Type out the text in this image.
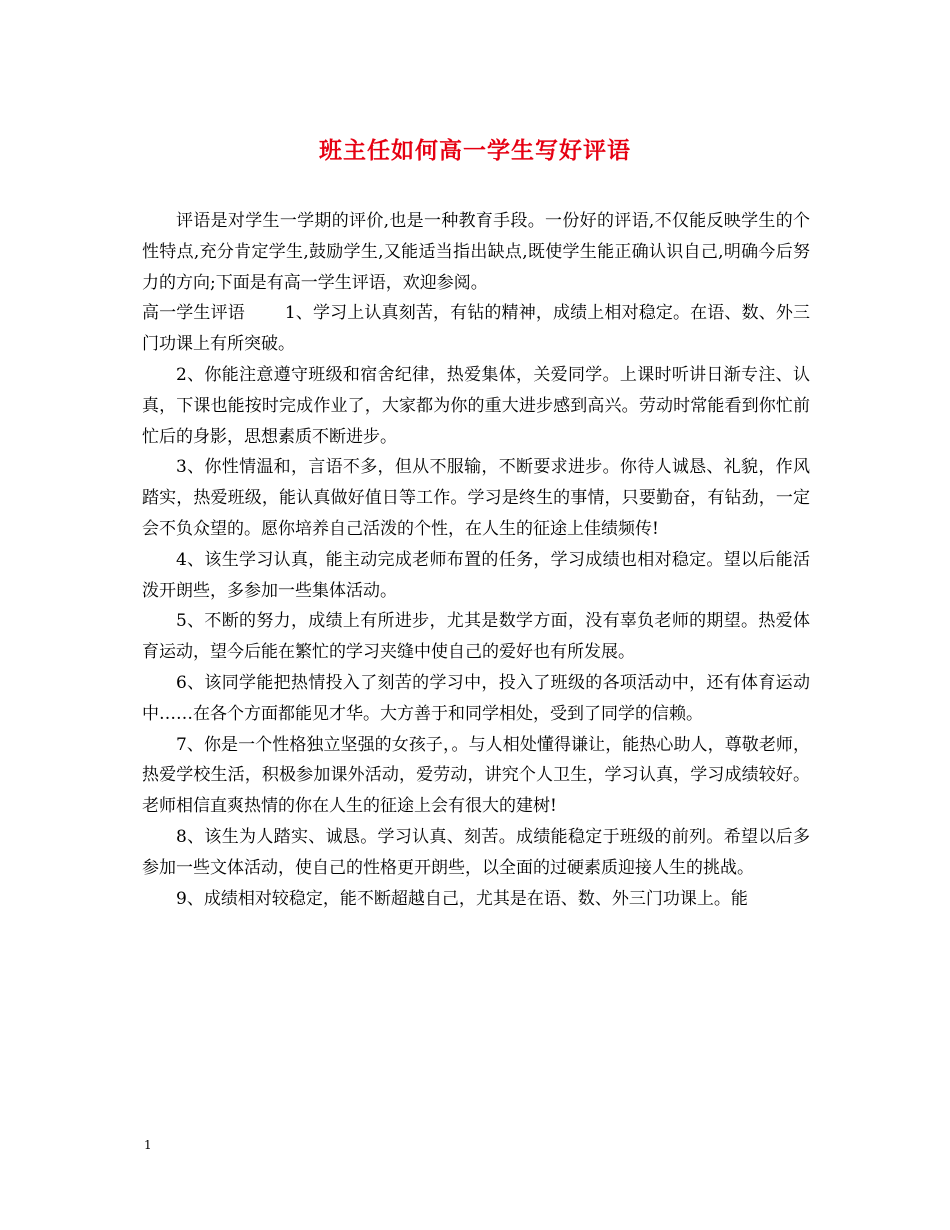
班主任如何高一学生写好评语

评语是对学生一学期的评价,也是一种教育手段。一份好的评语,不仅能反映学生的个性特点,充分肯定学生,鼓励学生,又能适当指出缺点,既使学生能正确认识自己,明确今后努力的方向;下面是有高一学生评语，欢迎参阅。

高一学生评语 1、学习上认真刻苦，有钻的精神，成绩上相对稳定。在语、数、外三门功课上有所突破。

2、你能注意遵守班级和宿舍纪律，热爱集体，关爱同学。上课时听讲日渐专注、认真，下课也能按时完成作业了，大家都为你的重大进步感到高兴。劳动时常能看到你忙前忙后的身影，思想素质不断进步。

3、你性情温和，言语不多，但从不服输，不断要求进步。你待人诚恳、礼貌，作风踏实，热爱班级，能认真做好值日等工作。学习是终生的事情，只要勤奋，有钻劲，一定会不负众望的。愿你培养自己活泼的个性，在人生的征途上佳绩频传!

4、该生学习认真，能主动完成老师布置的任务，学习成绩也相对稳定。望以后能活泼开朗些，多参加一些集体活动。

5、不断的努力，成绩上有所进步，尤其是数学方面，没有辜负老师的期望。热爱体育运动，望今后能在繁忙的学习夹缝中使自己的爱好也有所发展。

6、该同学能把热情投入了刻苦的学习中，投入了班级的各项活动中，还有体育运动中……在各个方面都能见才华。大方善于和同学相处，受到了同学的信赖。

7、你是一个性格独立坚强的女孩子，。与人相处懂得谦让，能热心助人，尊敬老师，热爱学校生活，积极参加课外活动，爱劳动，讲究个人卫生，学习认真，学习成绩较好。老师相信直爽热情的你在人生的征途上会有很大的建树!

8、该生为人踏实、诚恳。学习认真、刻苦。成绩能稳定于班级的前列。希望以后多参加一些文体活动，使自己的性格更开朗些，以全面的过硬素质迎接人生的挑战。

9、成绩相对较稳定，能不断超越自己，尤其是在语、数、外三门功课上。能

1
